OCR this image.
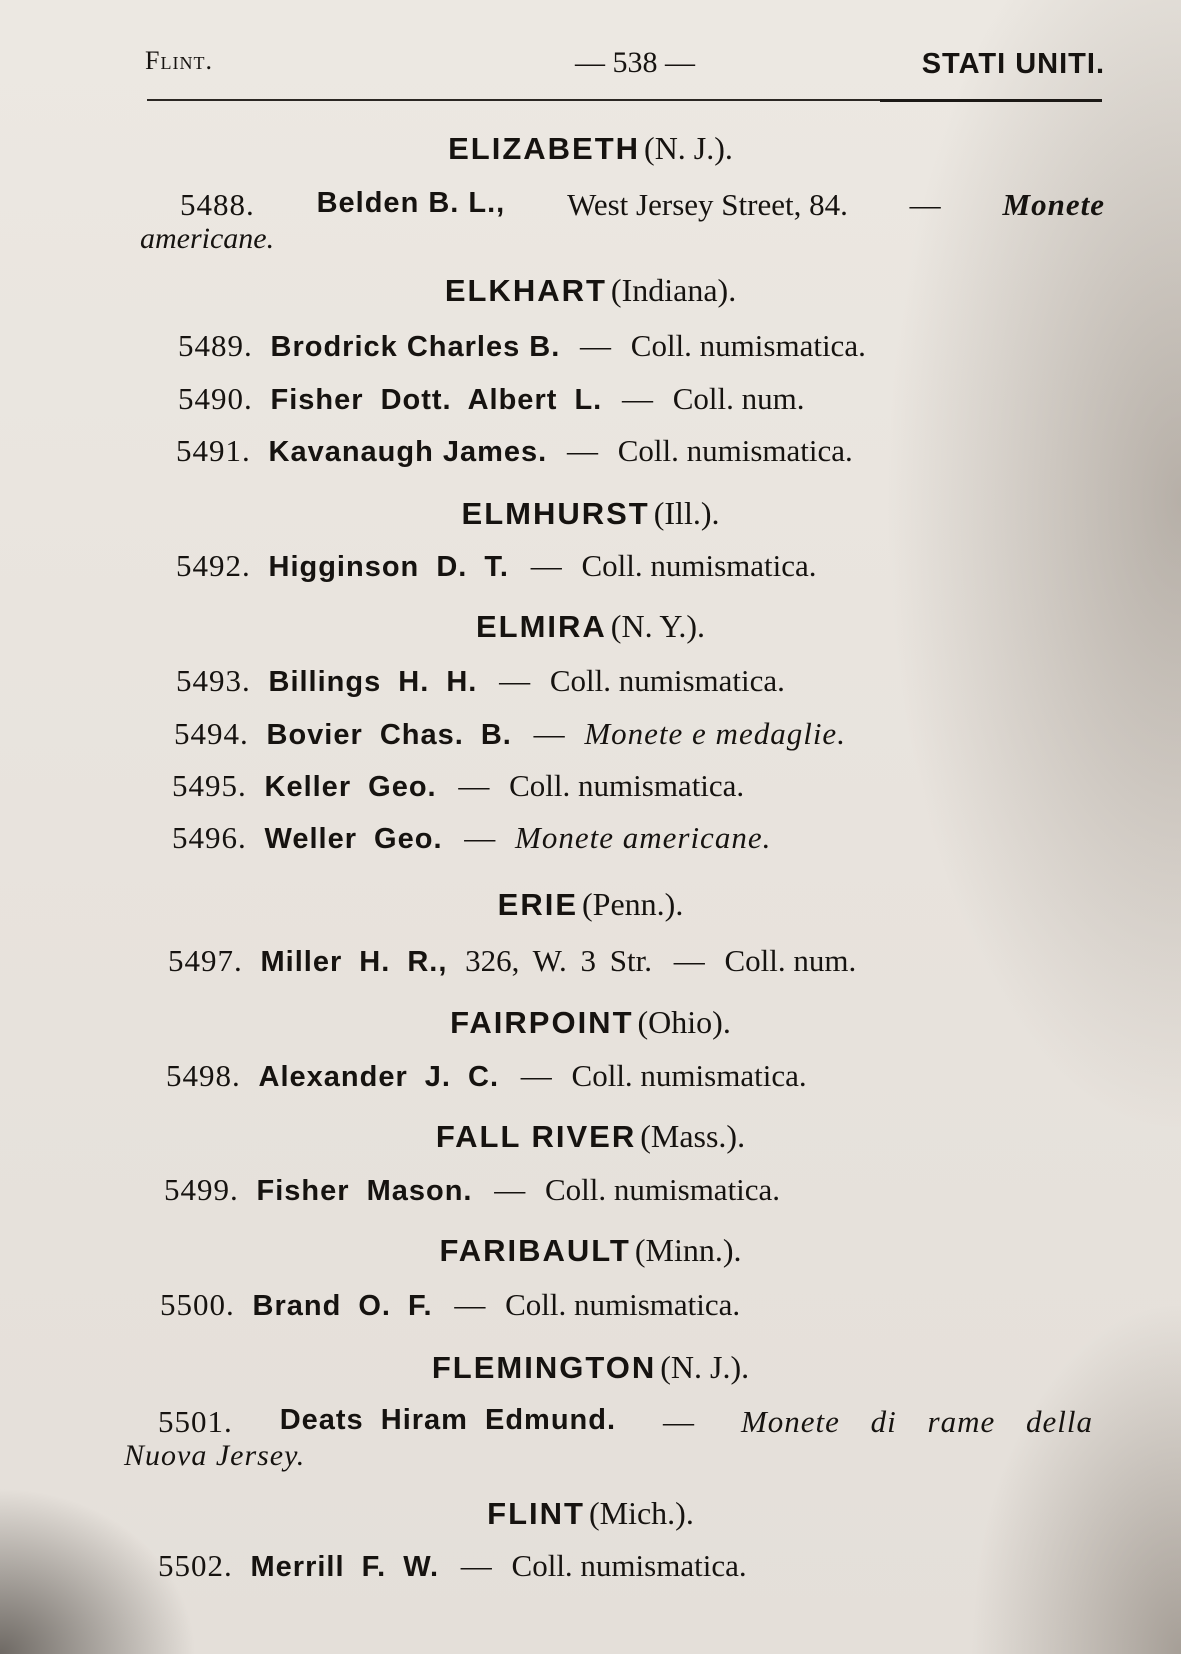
Flint.	— 538 —	STATI UNITI.
ELIZABETH (N. J.).
5488. Belden B. L., West Jersey Street, 84. — Monete
americane.
ELKHART (Indiana).
5489. Brodrick Charles B. — Coll. numismatica.
5490. Fisher Dott. Albert L. — Coll. num.
5491. Kavanaugh James. — Coll. numismatica.
ELMHURST (Ill.).
5492. Higginson D. T. — Coll. numismatica.
ELMIRA (N. Y.).
5493. Billings H. H. — Coll. numismatica.
5494. Bovier Chas. B. — Monete e medaglie.
5495. Keller Geo. — Coll. numismatica.
5496. Weller Geo. — Monete americane.
ERIE (Penn.).
5497. Miller H. R., 326, W. 3 Str. — Coll. num.
FAIRPOINT (Ohio).
5498. Alexander J. C. — Coll. numismatica.
FALL RIVER (Mass.).
5499. Fisher Mason. — Coll. numismatica.
FARIBAULT (Minn.).
5500. Brand O. F. — Coll. numismatica.
FLEMINGTON (N. J.).
5501. Deats Hiram Edmund. — Monete di rame della
Nuova Jersey.
FLINT (Mich.).
5502. Merrill F. W. — Coll. numismatica.
